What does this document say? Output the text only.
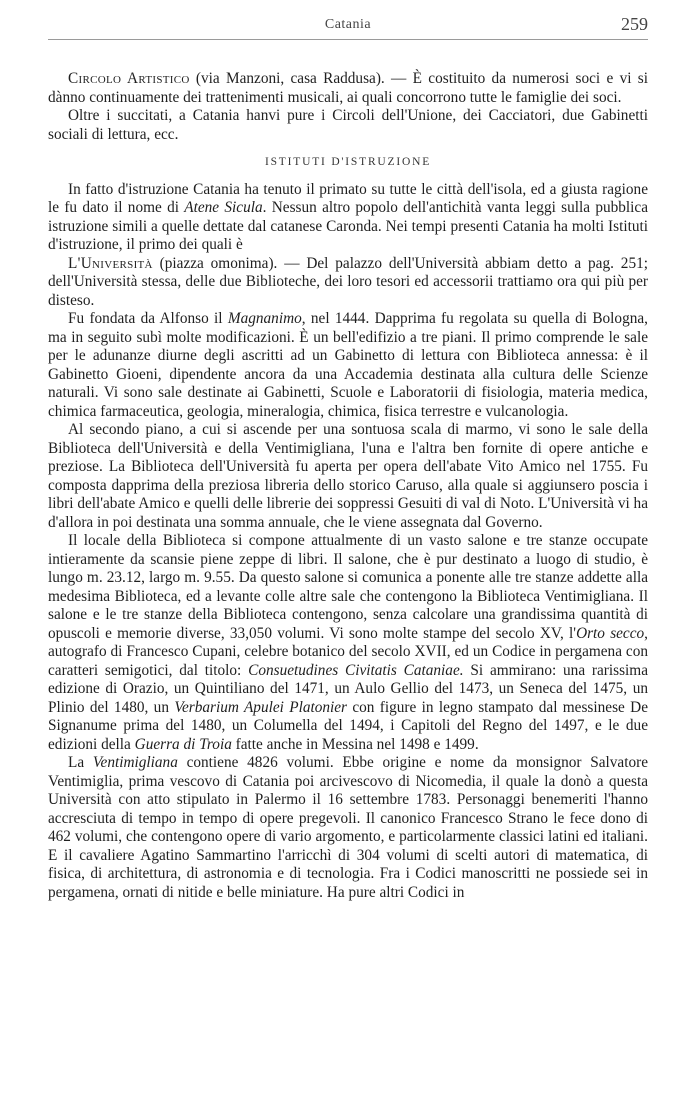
Catania	259

Circolo Artistico (via Manzoni, casa Raddusa). — È costituito da numerosi soci e vi si dànno continuamente dei trattenimenti musicali, ai quali concorrono tutte le famiglie dei soci.

Oltre i succitati, a Catania hanvi pure i Circoli dell'Unione, dei Cacciatori, due Gabinetti sociali di lettura, ecc.

ISTITUTI D'ISTRUZIONE

In fatto d'istruzione Catania ha tenuto il primato su tutte le città dell'isola, ed a giusta ragione le fu dato il nome di Atene Sicula. Nessun altro popolo dell'antichità vanta leggi sulla pubblica istruzione simili a quelle dettate dal catanese Caronda. Nei tempi presenti Catania ha molti Istituti d'istruzione, il primo dei quali è

L'Università (piazza omonima). — Del palazzo dell'Università abbiam detto a pag. 251; dell'Università stessa, delle due Biblioteche, dei loro tesori ed accessorii trattiamo ora qui più per disteso.

Fu fondata da Alfonso il Magnanimo, nel 1444. Dapprima fu regolata su quella di Bologna, ma in seguito subì molte modificazioni. È un bell'edifizio a tre piani. Il primo comprende le sale per le adunanze diurne degli ascritti ad un Gabinetto di lettura con Biblioteca annessa: è il Gabinetto Gioeni, dipendente ancora da una Accademia destinata alla cultura delle Scienze naturali. Vi sono sale destinate ai Gabinetti, Scuole e Laboratorii di fisiologia, materia medica, chimica farmaceutica, geologia, mineralogia, chimica, fisica terrestre e vulcanologia.

Al secondo piano, a cui si ascende per una sontuosa scala di marmo, vi sono le sale della Biblioteca dell'Università e della Ventimigliana, l'una e l'altra ben fornite di opere antiche e preziose. La Biblioteca dell'Università fu aperta per opera dell'abate Vito Amico nel 1755. Fu composta dapprima della preziosa libreria dello storico Caruso, alla quale si aggiunsero poscia i libri dell'abate Amico e quelli delle librerie dei soppressi Gesuiti di val di Noto. L'Università vi ha d'allora in poi destinata una somma annuale, che le viene assegnata dal Governo.

Il locale della Biblioteca si compone attualmente di un vasto salone e tre stanze occupate intieramente da scansie piene zeppe di libri. Il salone, che è pur destinato a luogo di studio, è lungo m. 23.12, largo m. 9.55. Da questo salone si comunica a ponente alle tre stanze addette alla medesima Biblioteca, ed a levante colle altre sale che contengono la Biblioteca Ventimigliana. Il salone e le tre stanze della Biblioteca contengono, senza calcolare una grandissima quantità di opuscoli e memorie diverse, 33,050 volumi. Vi sono molte stampe del secolo XV, l'Orto secco, autografo di Francesco Cupani, celebre botanico del secolo XVII, ed un Codice in pergamena con caratteri semigotici, dal titolo: Consuetudines Civitatis Cataniae. Si ammirano: una rarissima edizione di Orazio, un Quintiliano del 1471, un Aulo Gellio del 1473, un Seneca del 1475, un Plinio del 1480, un Verbarium Apulei Platonier con figure in legno stampato dal messinese De Signanume prima del 1480, un Columella del 1494, i Capitoli del Regno del 1497, e le due edizioni della Guerra di Troia fatte anche in Messina nel 1498 e 1499.

La Ventimigliana contiene 4826 volumi. Ebbe origine e nome da monsignor Salvatore Ventimiglia, prima vescovo di Catania poi arcivescovo di Nicomedia, il quale la donò a questa Università con atto stipulato in Palermo il 16 settembre 1783. Personaggi benemeriti l'hanno accresciuta di tempo in tempo di opere pregevoli. Il canonico Francesco Strano le fece dono di 462 volumi, che contengono opere di vario argomento, e particolarmente classici latini ed italiani. E il cavaliere Agatino Sammartino l'arricchì di 304 volumi di scelti autori di matematica, di fisica, di architettura, di astronomia e di tecnologia. Fra i Codici manoscritti ne possiede sei in pergamena, ornati di nitide e belle miniature. Ha pure altri Codici in
